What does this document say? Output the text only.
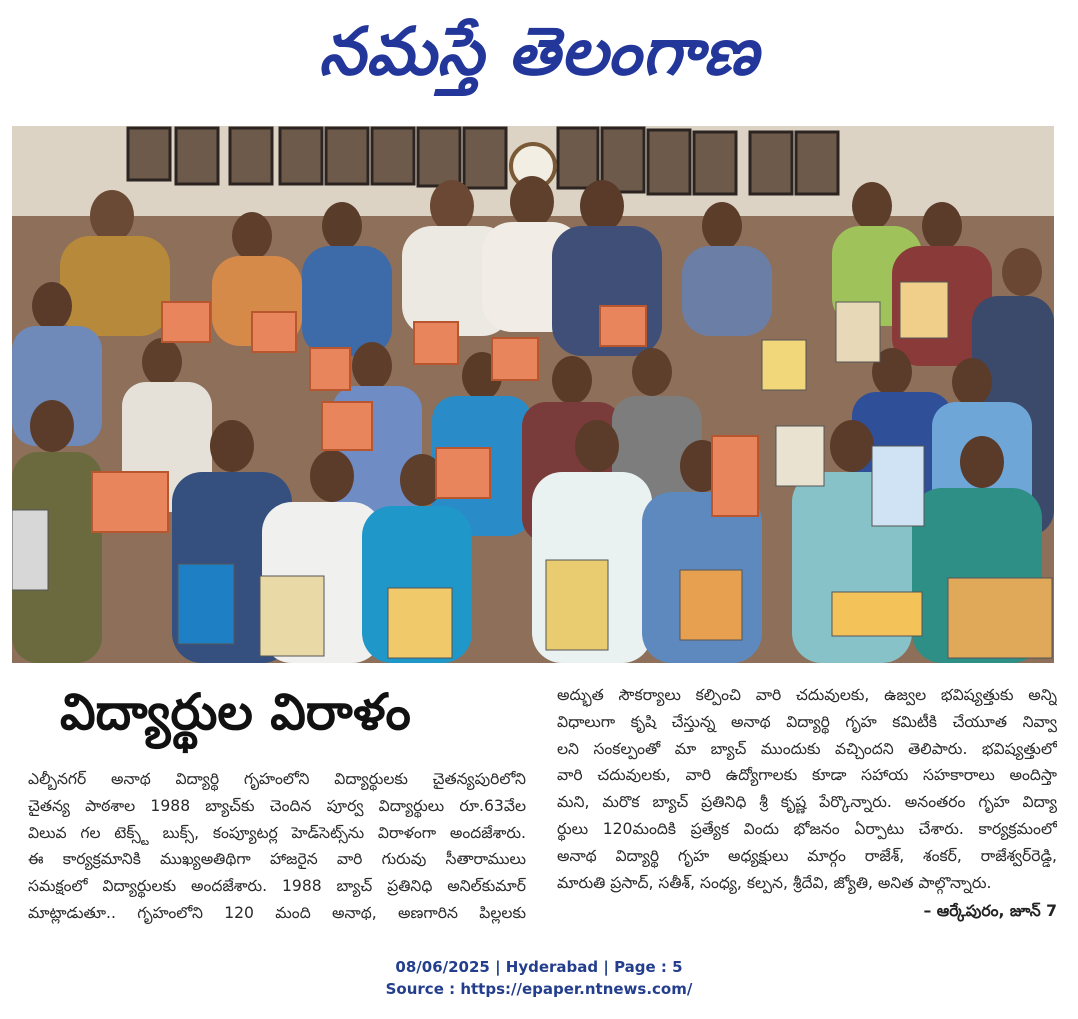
నమస్తే తెలంగాణ
విద్యార్థుల విరాళం
ఎల్బీనగర్ అనాథ విద్యార్థి గృహంలోని విద్యార్థులకు చైతన్యపురిలోని
చైతన్య పాఠశాల 1988 బ్యాచ్‌కు చెందిన పూర్వ విద్యార్థులు రూ.63వేల
విలువ గల టెక్స్ట్ బుక్స్, కంప్యూటర్ల హెడ్‌సెట్స్‌ను విరాళంగా అందజేశారు.
ఈ కార్యక్రమానికి ముఖ్యఅతిథిగా హాజరైన వారి గురువు సీతారాములు
సమక్షంలో విద్యార్థులకు అందజేశారు. 1988 బ్యాచ్ ప్రతినిధి అనిల్‌కుమార్
మాట్లాడుతూ.. గృహంలోని 120 మంది అనాథ, అణగారిన పిల్లలకు
అద్భుత సౌకర్యాలు కల్పించి వారి చదువులకు, ఉజ్వల భవిష్యత్తుకు అన్ని
విధాలుగా కృషి చేస్తున్న అనాథ విద్యార్థి గృహ కమిటీకి చేయూత నివ్వా
లని సంకల్పంతో మా బ్యాచ్ ముందుకు వచ్చిందని తెలిపారు. భవిష్యత్తులో
వారి చదువులకు, వారి ఉద్యోగాలకు కూడా సహాయ సహకారాలు అందిస్తా
మని, మరొక బ్యాచ్ ప్రతినిధి శ్రీ కృష్ణ పేర్కొన్నారు. అనంతరం గృహ విద్యా
ర్థులు 120మందికి ప్రత్యేక విందు భోజనం ఏర్పాటు చేశారు. కార్యక్రమంలో
అనాథ విద్యార్థి గృహ అధ్యక్షులు మార్గం రాజేశ్, శంకర్, రాజేశ్వర్‌రెడ్డి,
మారుతి ప్రసాద్, సతీశ్, సంధ్య, కల్పన, శ్రీదేవి, జ్యోతి, అనిత పాల్గొన్నారు.
– ఆర్కేపురం, జూన్ 7
08/06/2025 | Hyderabad | Page : 5
Source : https://epaper.ntnews.com/
